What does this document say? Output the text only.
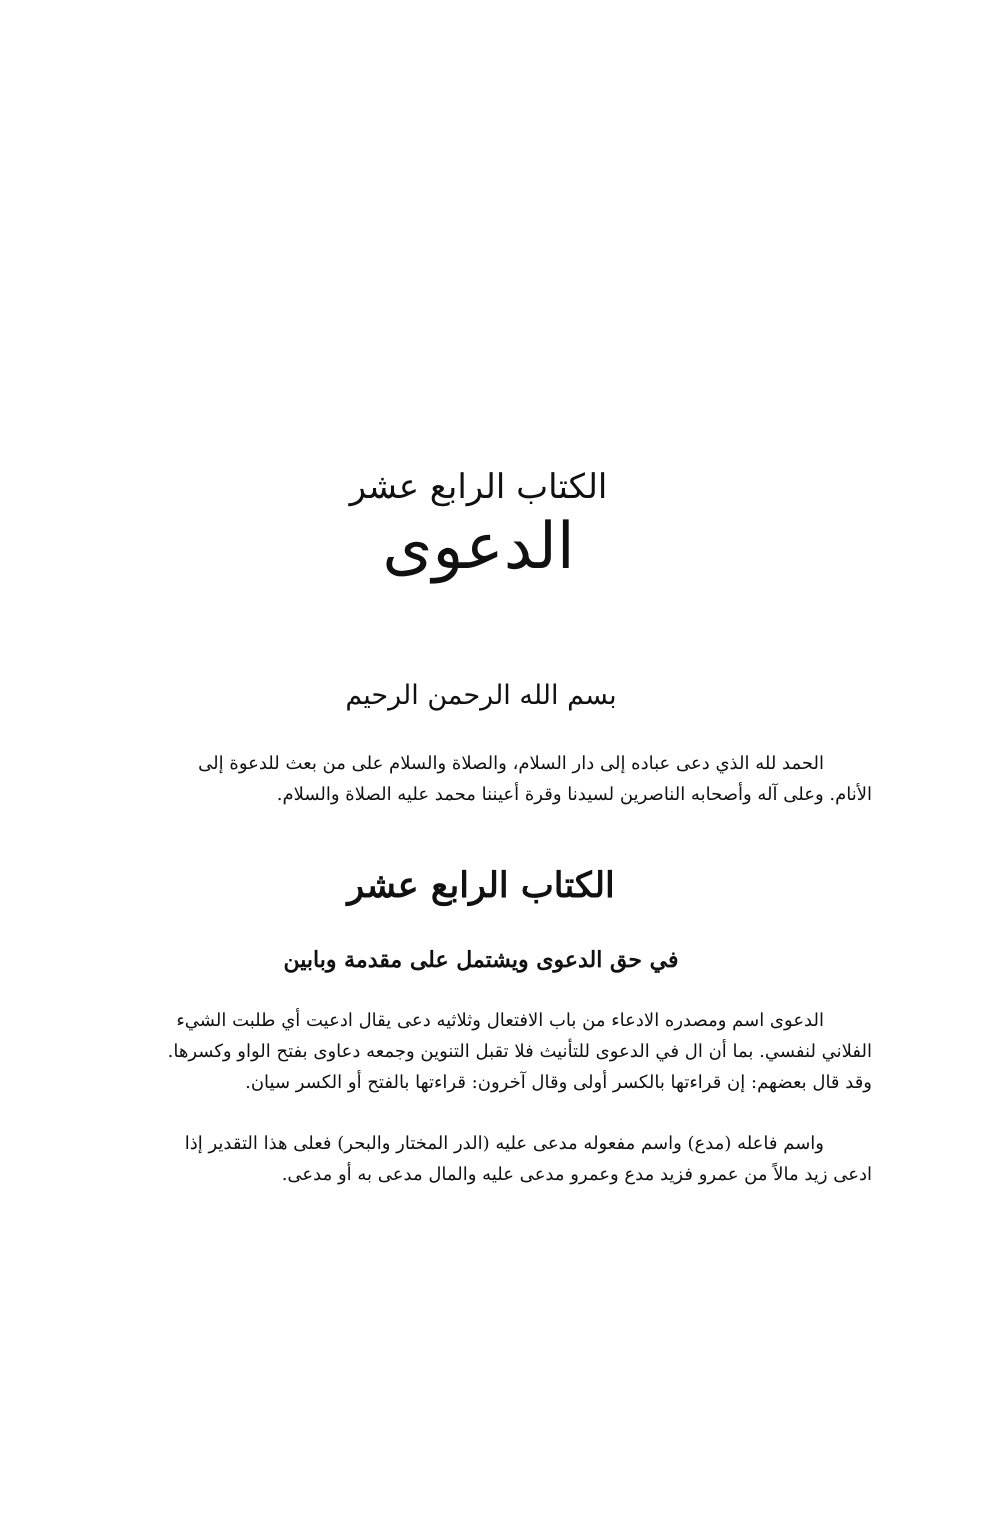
الكتاب الرابع عشر
الدعوى
بسم الله الرحمن الرحيم
الحمد لله الذي دعى عباده إلى دار السلام، والصلاة والسلام على من بعث للدعوة إلى
الأنام. وعلى آله وأصحابه الناصرين لسيدنا وقرة أعيننا محمد عليه الصلاة والسلام.
الكتاب الرابع عشر
في حق الدعوى ويشتمل على مقدمة وبابين
الدعوى اسم ومصدره الادعاء من باب الافتعال وثلاثيه دعى يقال ادعيت أي طلبت الشيء
الفلاني لنفسي. بما أن ال في الدعوى للتأنيث فلا تقبل التنوين وجمعه دعاوى بفتح الواو وكسرها.
وقد قال بعضهم: إن قراءتها بالكسر أولى وقال آخرون: قراءتها بالفتح أو الكسر سيان.
واسم فاعله (مدع) واسم مفعوله مدعى عليه (الدر المختار والبحر) فعلى هذا التقدير إذا
ادعى زيد مالاً من عمرو فزيد مدع وعمرو مدعى عليه والمال مدعى به أو مدعى.
